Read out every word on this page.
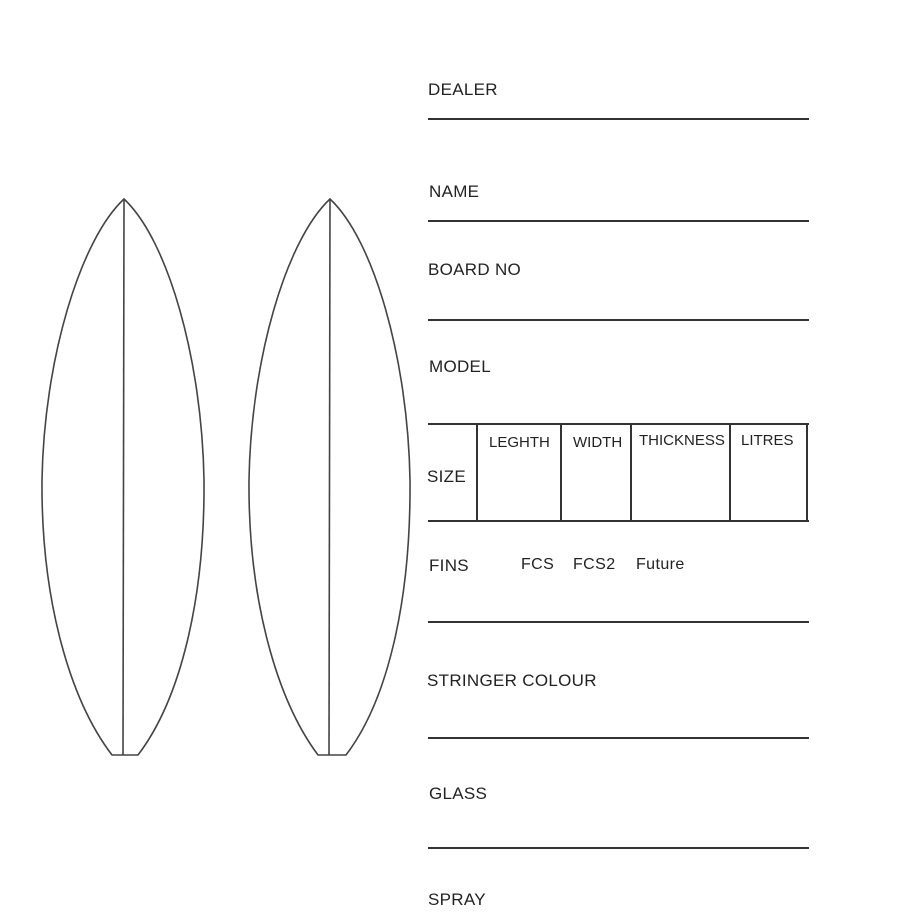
DEALER
NAME
BOARD NO
MODEL
LEGHTH WIDTH THICKNESS LITRES
SIZE
FINS	FCS FCS2 Future
STRINGER COLOUR
GLASS
SPRAY
